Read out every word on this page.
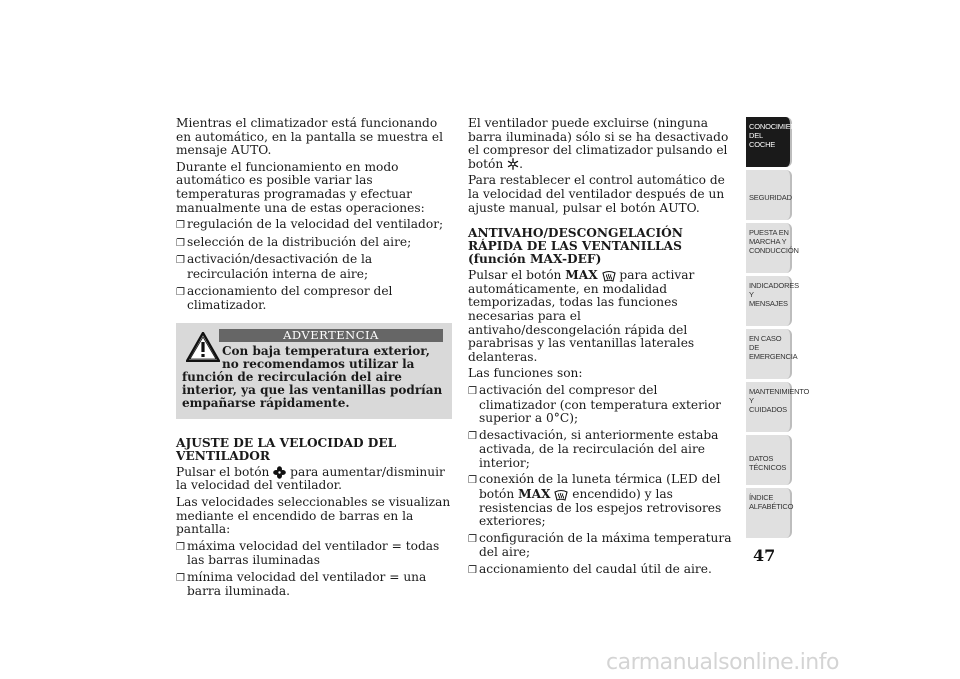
Mientras el climatizador está funcionando en automático, en la pantalla se muestra el mensaje AUTO.

Durante el funcionamiento en modo automático es posible variar las temperaturas programadas y efectuar manualmente una de estas operaciones:

❐ regulación de la velocidad del ventilador;

❐ selección de la distribución del aire;

❐ activación/desactivación de la recirculación interna de aire;

❐ accionamiento del compresor del climatizador.

ADVERTENCIA
Con baja temperatura exterior, no recomendamos utilizar la función de recirculación del aire interior, ya que las ventanillas podrían empañarse rápidamente.

AJUSTE DE LA VELOCIDAD DEL VENTILADOR

Pulsar el botón para aumentar/disminuir la velocidad del ventilador.

Las velocidades seleccionables se visualizan mediante el encendido de barras en la pantalla:

❐ máxima velocidad del ventilador = todas las barras iluminadas

❐ mínima velocidad del ventilador = una barra iluminada.

El ventilador puede excluirse (ninguna barra iluminada) sólo si se ha desactivado el compresor del climatizador pulsando el botón .

Para restablecer el control automático de la velocidad del ventilador después de un ajuste manual, pulsar el botón AUTO.

ANTIVAHO/DESCONGELACIÓN RÁPIDA DE LAS VENTANILLAS (función MAX-DEF)

Pulsar el botón MAX para activar automáticamente, en modalidad temporizadas, todas las funciones necesarias para el antivaho/descongelación rápida del parabrisas y las ventanillas laterales delanteras.

Las funciones son:

❐ activación del compresor del climatizador (con temperatura exterior superior a 0°C);

❐ desactivación, si anteriormente estaba activada, de la recirculación del aire interior;

❐ conexión de la luneta térmica (LED del botón MAX encendido) y las resistencias de los espejos retrovisores exteriores;

❐ configuración de la máxima temperatura del aire;

❐ accionamiento del caudal útil de aire.

CONOCIMIENTO DEL COCHE
SEGURIDAD
PUESTA EN MARCHA Y CONDUCCIÓN
INDICADORES Y MENSAJES
EN CASO DE EMERGENCIA
MANTENIMIENTO Y CUIDADOS
DATOS TÉCNICOS
ÍNDICE ALFABÉTICO
47
carmanualsonline.info
